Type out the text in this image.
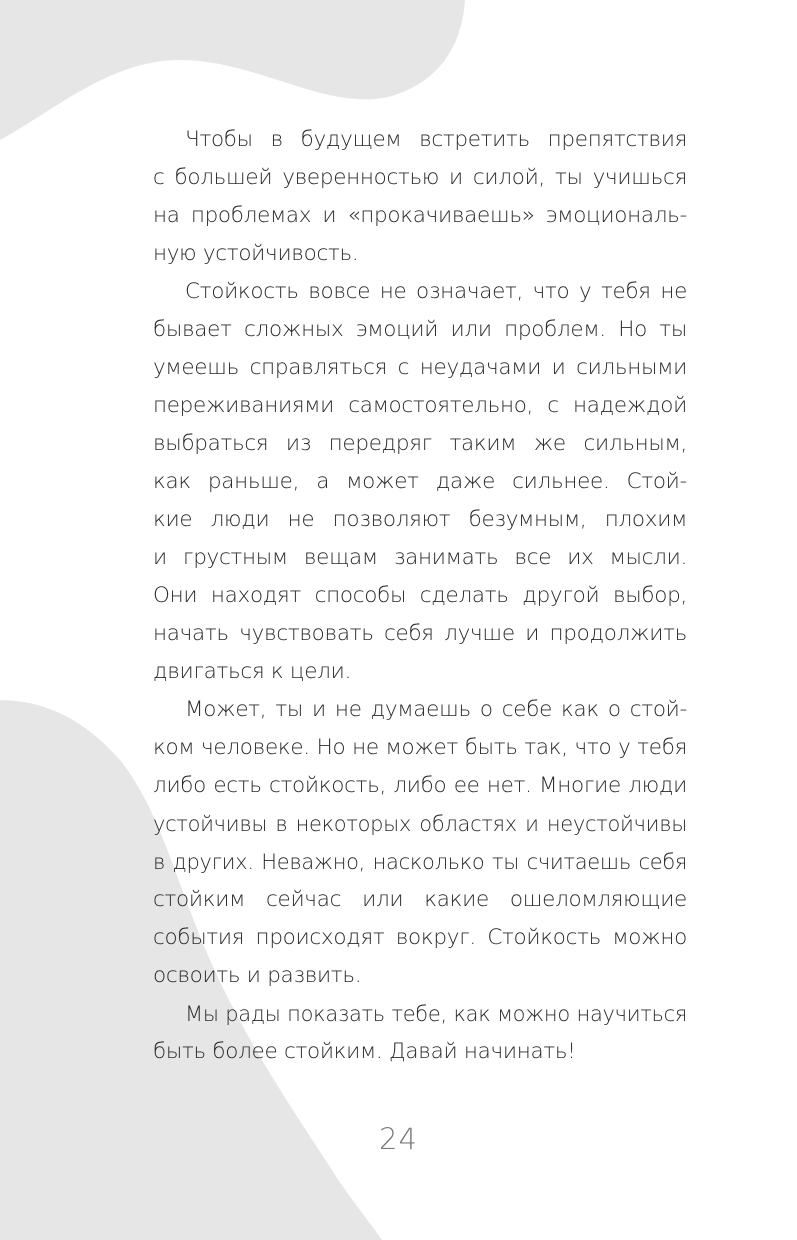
Чтобы в будущем встретить препятствия
с большей уверенностью и силой, ты учишься
на проблемах и «прокачиваешь» эмоциональ-
ную устойчивость.

Стойкость вовсе не означает, что у тебя не
бывает сложных эмоций или проблем. Но ты
умеешь справляться с неудачами и сильными
переживаниями самостоятельно, с надеждой
выбраться из передряг таким же сильным,
как раньше, а может даже сильнее. Стой-
кие люди не позволяют безумным, плохим
и грустным вещам занимать все их мысли.
Они находят способы сделать другой выбор,
начать чувствовать себя лучше и продолжить
двигаться к цели.

Может, ты и не думаешь о себе как о стой-
ком человеке. Но не может быть так, что у тебя
либо есть стойкость, либо ее нет. Многие люди
устойчивы в некоторых областях и неустойчивы
в других. Неважно, насколько ты считаешь себя
стойким сейчас или какие ошеломляющие
события происходят вокруг. Стойкость можно
освоить и развить.

Мы рады показать тебе, как можно научиться
быть более стойким. Давай начинать!

24
